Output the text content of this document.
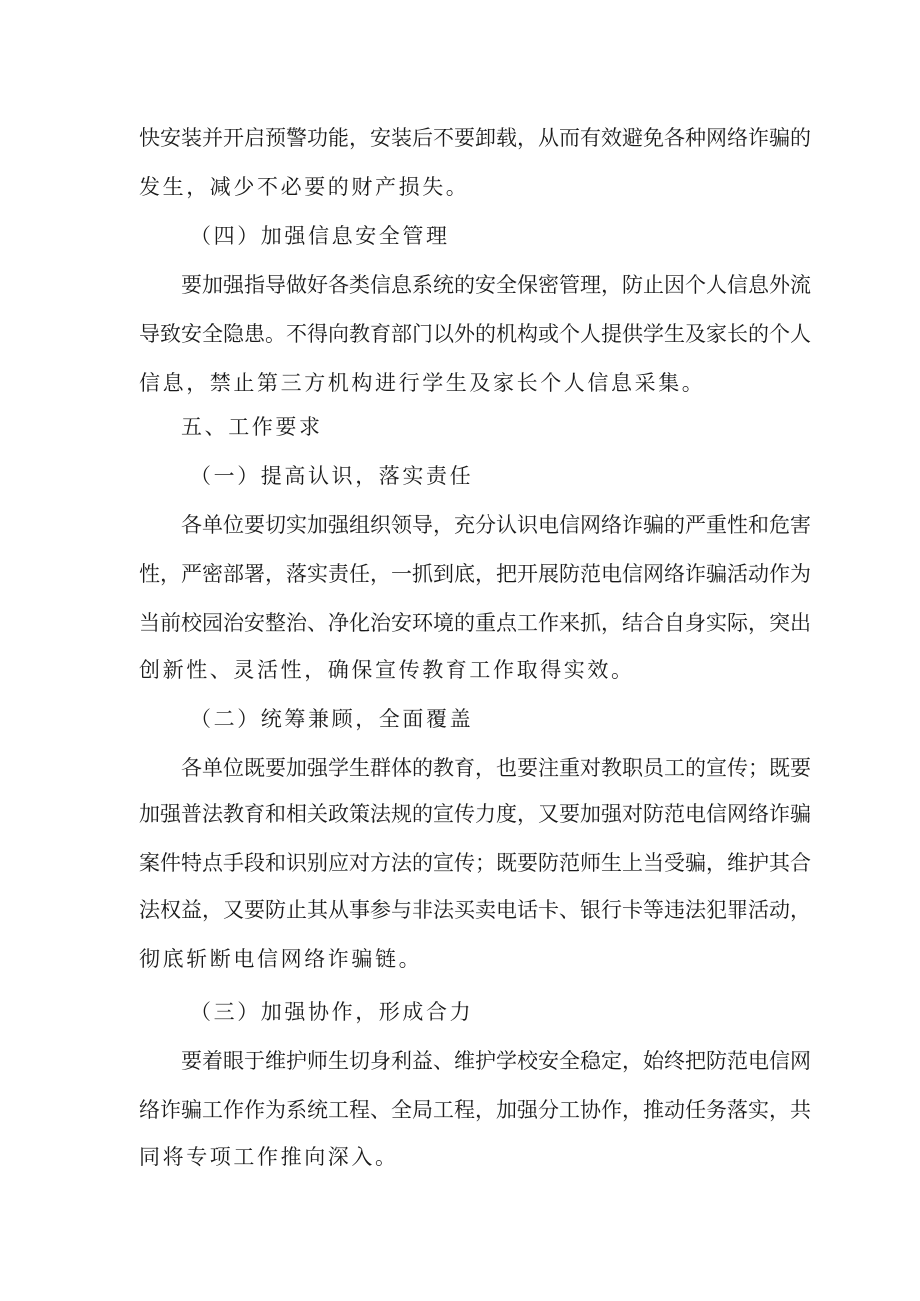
快安装并开启预警功能，安装后不要卸载，从而有效避免各种网络诈骗的
发生，减少不必要的财产损失。
（四）加强信息安全管理
要加强指导做好各类信息系统的安全保密管理，防止因个人信息外流
导致安全隐患。不得向教育部门以外的机构或个人提供学生及家长的个人
信息，禁止第三方机构进行学生及家长个人信息采集。
五、工作要求
（一）提高认识，落实责任
各单位要切实加强组织领导，充分认识电信网络诈骗的严重性和危害
性，严密部署，落实责任，一抓到底，把开展防范电信网络诈骗活动作为
当前校园治安整治、净化治安环境的重点工作来抓，结合自身实际，突出
创新性、灵活性，确保宣传教育工作取得实效。
（二）统筹兼顾，全面覆盖
各单位既要加强学生群体的教育，也要注重对教职员工的宣传；既要
加强普法教育和相关政策法规的宣传力度，又要加强对防范电信网络诈骗
案件特点手段和识别应对方法的宣传；既要防范师生上当受骗，维护其合
法权益，又要防止其从事参与非法买卖电话卡、银行卡等违法犯罪活动，
彻底斩断电信网络诈骗链。
（三）加强协作，形成合力
要着眼于维护师生切身利益、维护学校安全稳定，始终把防范电信网
络诈骗工作作为系统工程、全局工程，加强分工协作，推动任务落实，共
同将专项工作推向深入。
